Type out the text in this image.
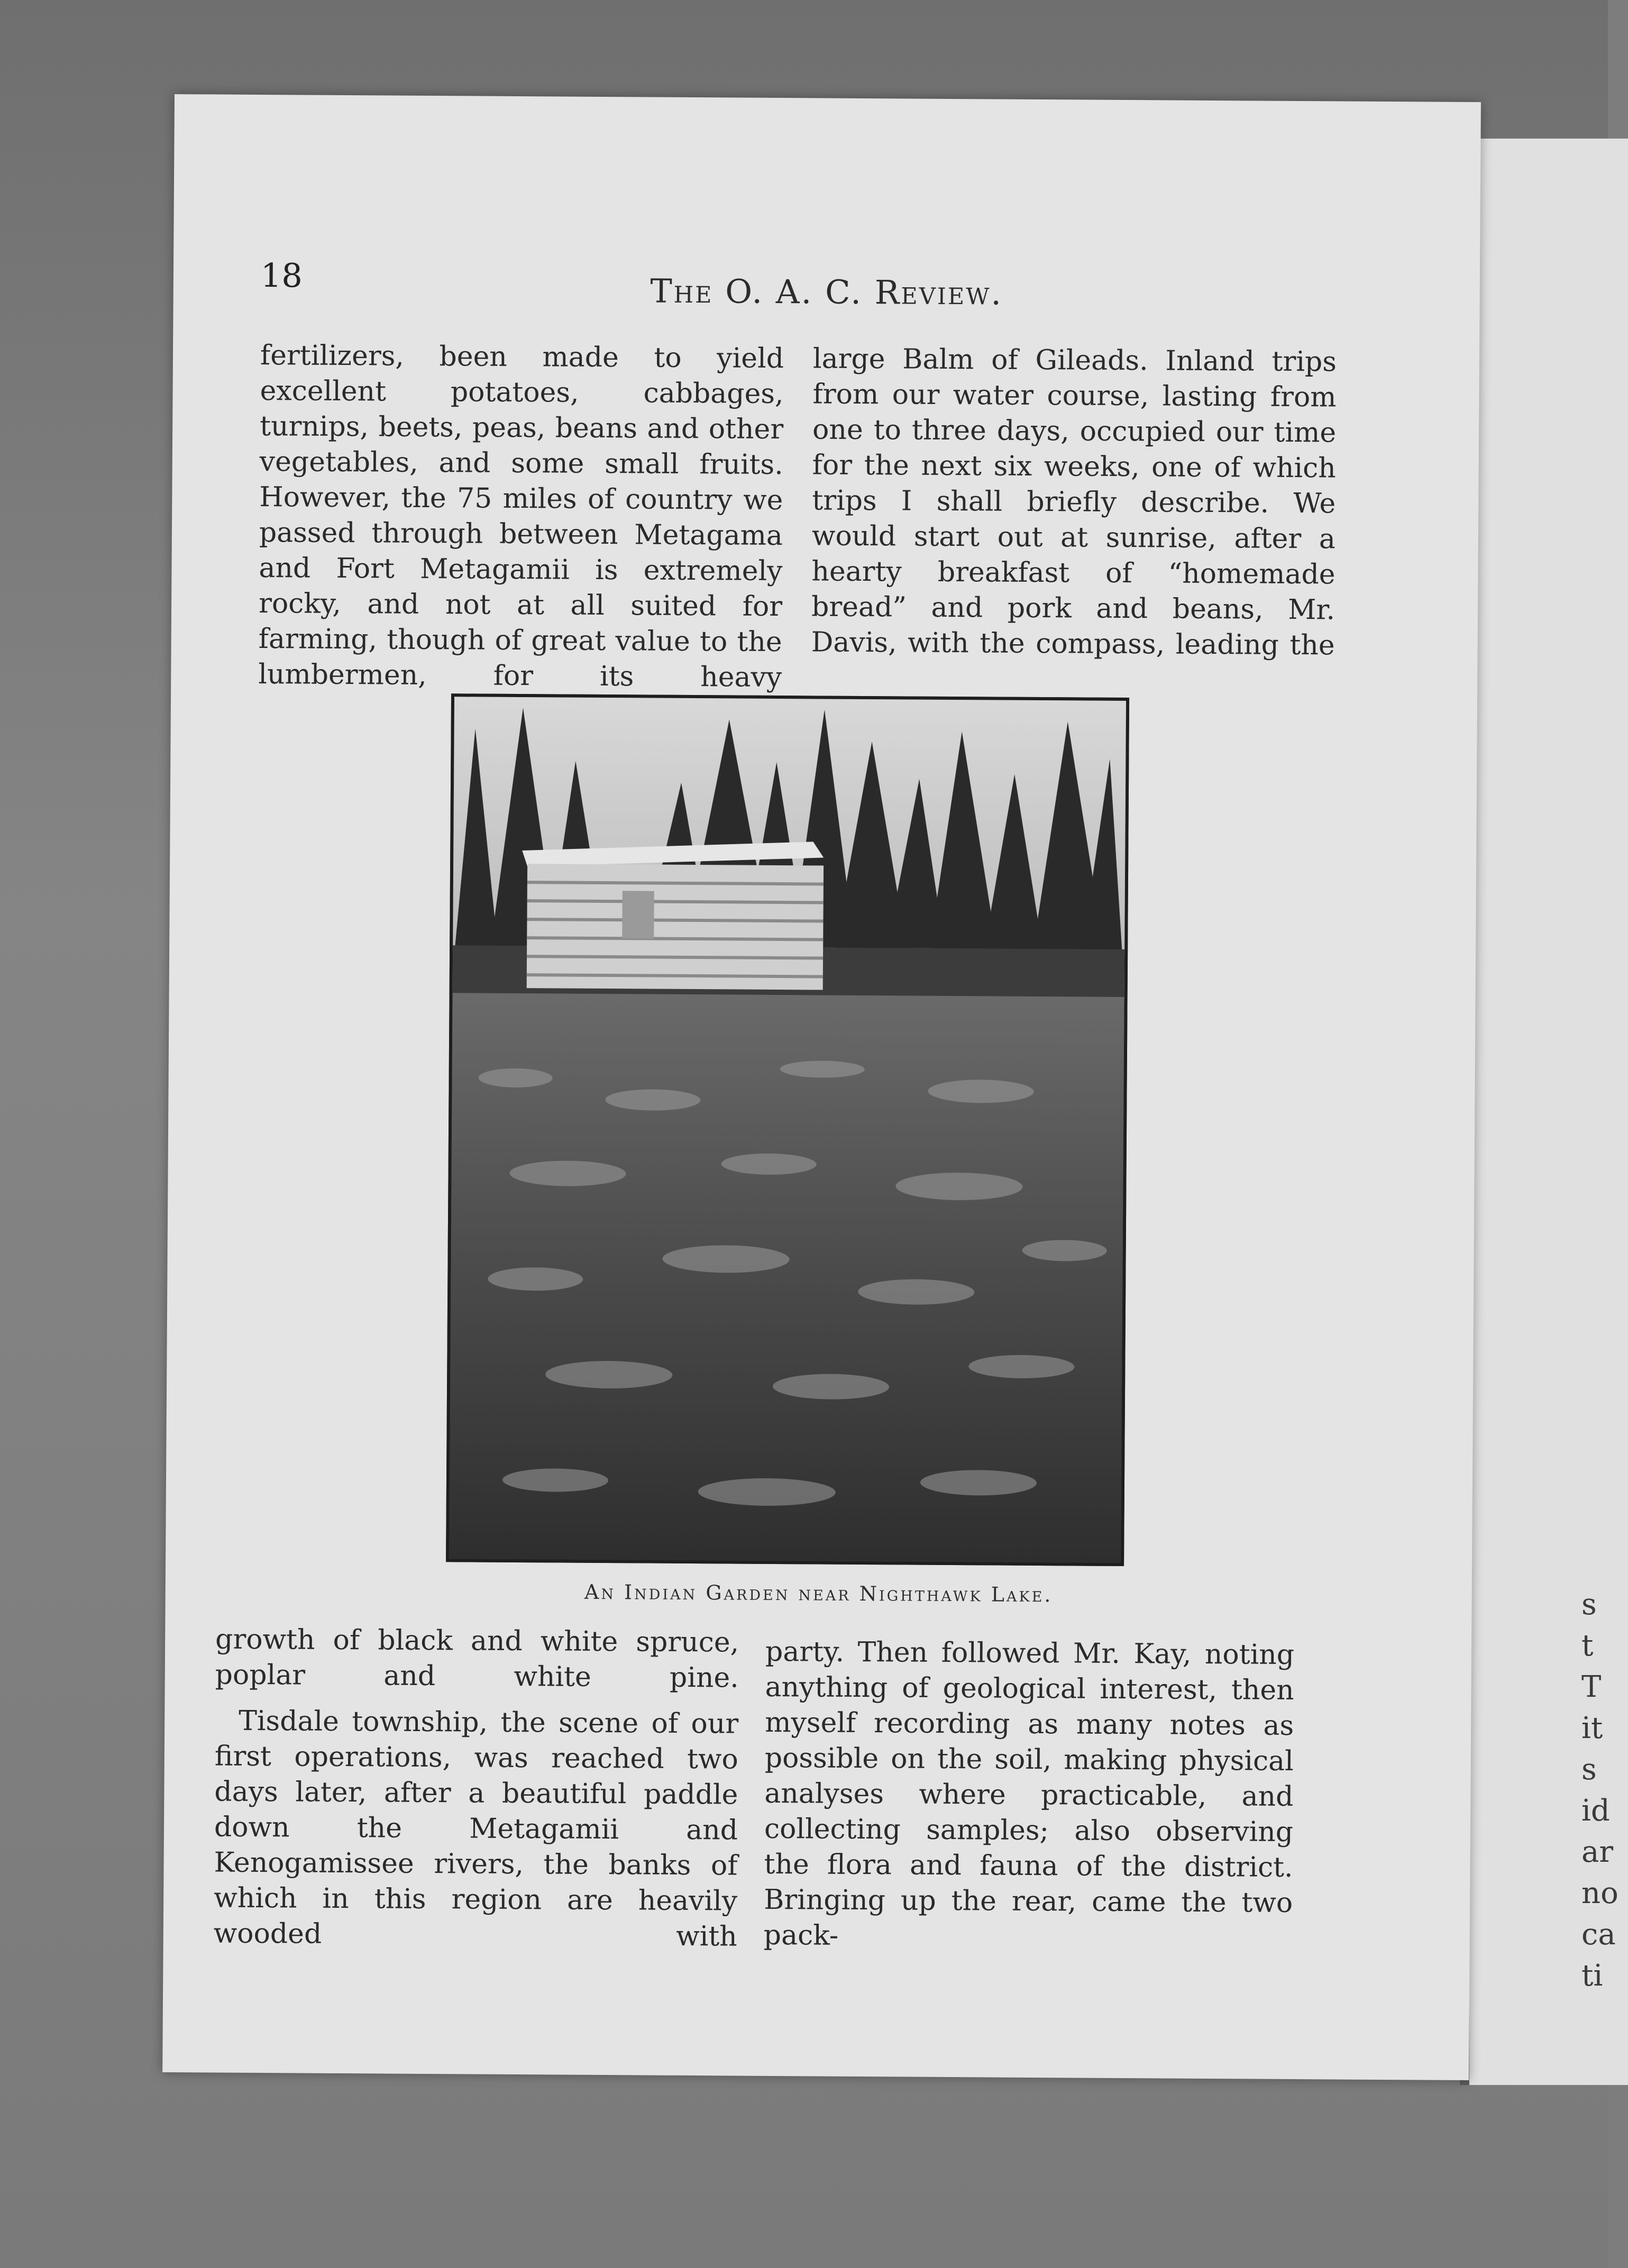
s
t
T
it
s
id
ar
no
ca
ti
18	The O. A. C. Review.

fertilizers, been made to yield excellent potatoes, cabbages, turnips, beets, peas, beans and other vegetables, and some small fruits. However, the 75 miles of country we passed through between Metagama and Fort Metagamii is extremely rocky, and not at all suited for farming, though of great value to the lumbermen, for its heavy

large Balm of Gileads. Inland trips from our water course, lasting from one to three days, occupied our time for the next six weeks, one of which trips I shall briefly describe. We would start out at sunrise, after a hearty breakfast of “homemade bread” and pork and beans, Mr. Davis, with the compass, leading the

An Indian Garden near Nighthawk Lake.

growth of black and white spruce, poplar and white pine.

Tisdale township, the scene of our first operations, was reached two days later, after a beautiful paddle down the Metagamii and Kenogamissee rivers, the banks of which in this region are heavily wooded with

party. Then followed Mr. Kay, noting anything of geological interest, then myself recording as many notes as possible on the soil, making physical analyses where practicable, and collecting samples; also observing the flora and fauna of the district. Bringing up the rear, came the two pack-
